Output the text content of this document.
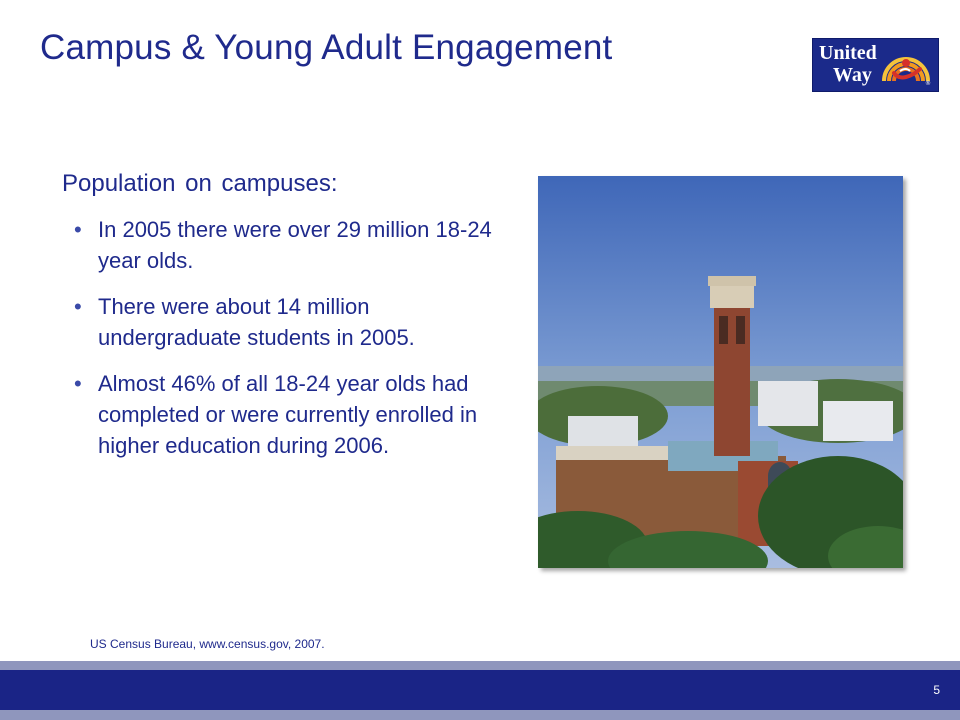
Campus & Young Adult Engagement	United
Way	®
Population on campuses:
• In 2005 there were over 29 million 18-24 year olds.
• There were about 14 million undergraduate students in 2005.
• Almost 46% of all 18-24 year olds had completed or were currently enrolled in higher education during 2006.
US Census Bureau, www.census.gov, 2007.
5
